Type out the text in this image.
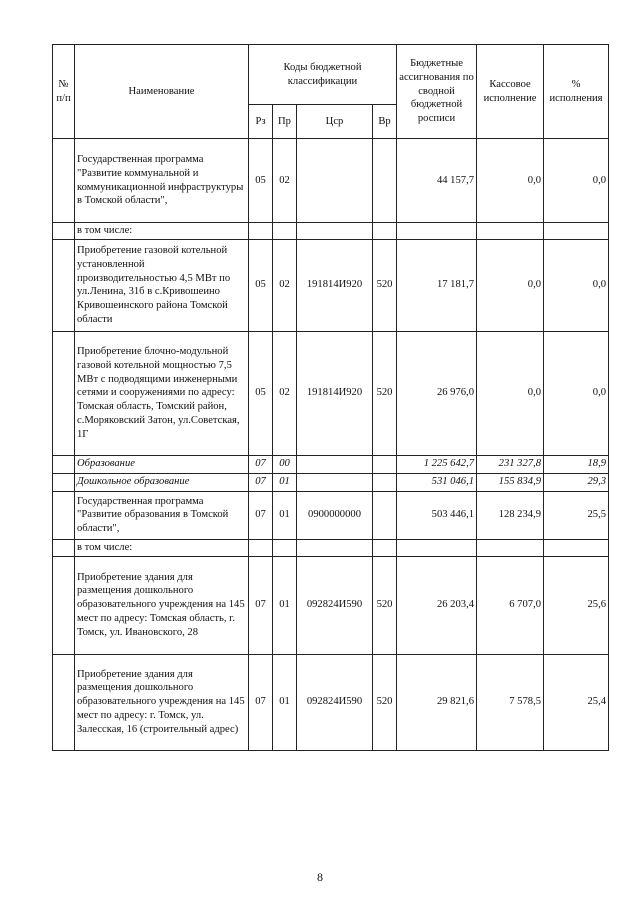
№ п/п	Наименование	Коды бюджетной классификации				Бюджетные ассигнования по сводной бюджетной росписи	Кассовое исполнение	% исполнения
		Рз	Пр	Цср	Вр			
	Государственная программа "Развитие коммунальной и коммуникационной инфраструктуры в Томской области",	05	02			44 157,7	0,0	0,0
	в том числе:							
	Приобретение газовой котельной установленной производительностью 4,5 МВт по ул.Ленина, 31б в с.Кривошеино Кривошеинского района Томской области	05	02	191814И920	520	17 181,7	0,0	0,0
	Приобретение блочно-модульной газовой котельной мощностью 7,5 МВт с подводящими инженерными сетями и сооружениями по адресу: Томская область, Томский район, с.Моряковский Затон, ул.Советская, 1Г	05	02	191814И920	520	26 976,0	0,0	0,0
	Образование	07	00			1 225 642,7	231 327,8	18,9
	Дошкольное образование	07	01			531 046,1	155 834,9	29,3
	Государственная программа "Развитие образования в Томской области",	07	01	0900000000		503 446,1	128 234,9	25,5
	в том числе:							
	Приобретение здания для размещения дошкольного образовательного учреждения на 145 мест по адресу: Томская область, г. Томск, ул. Ивановского, 28	07	01	092824И590	520	26 203,4	6 707,0	25,6
	Приобретение здания для размещения дошкольного образовательного учреждения на 145 мест по адресу: г. Томск, ул. Залесская, 16 (строительный адрес)	07	01	092824И590	520	29 821,6	7 578,5	25,4
8
